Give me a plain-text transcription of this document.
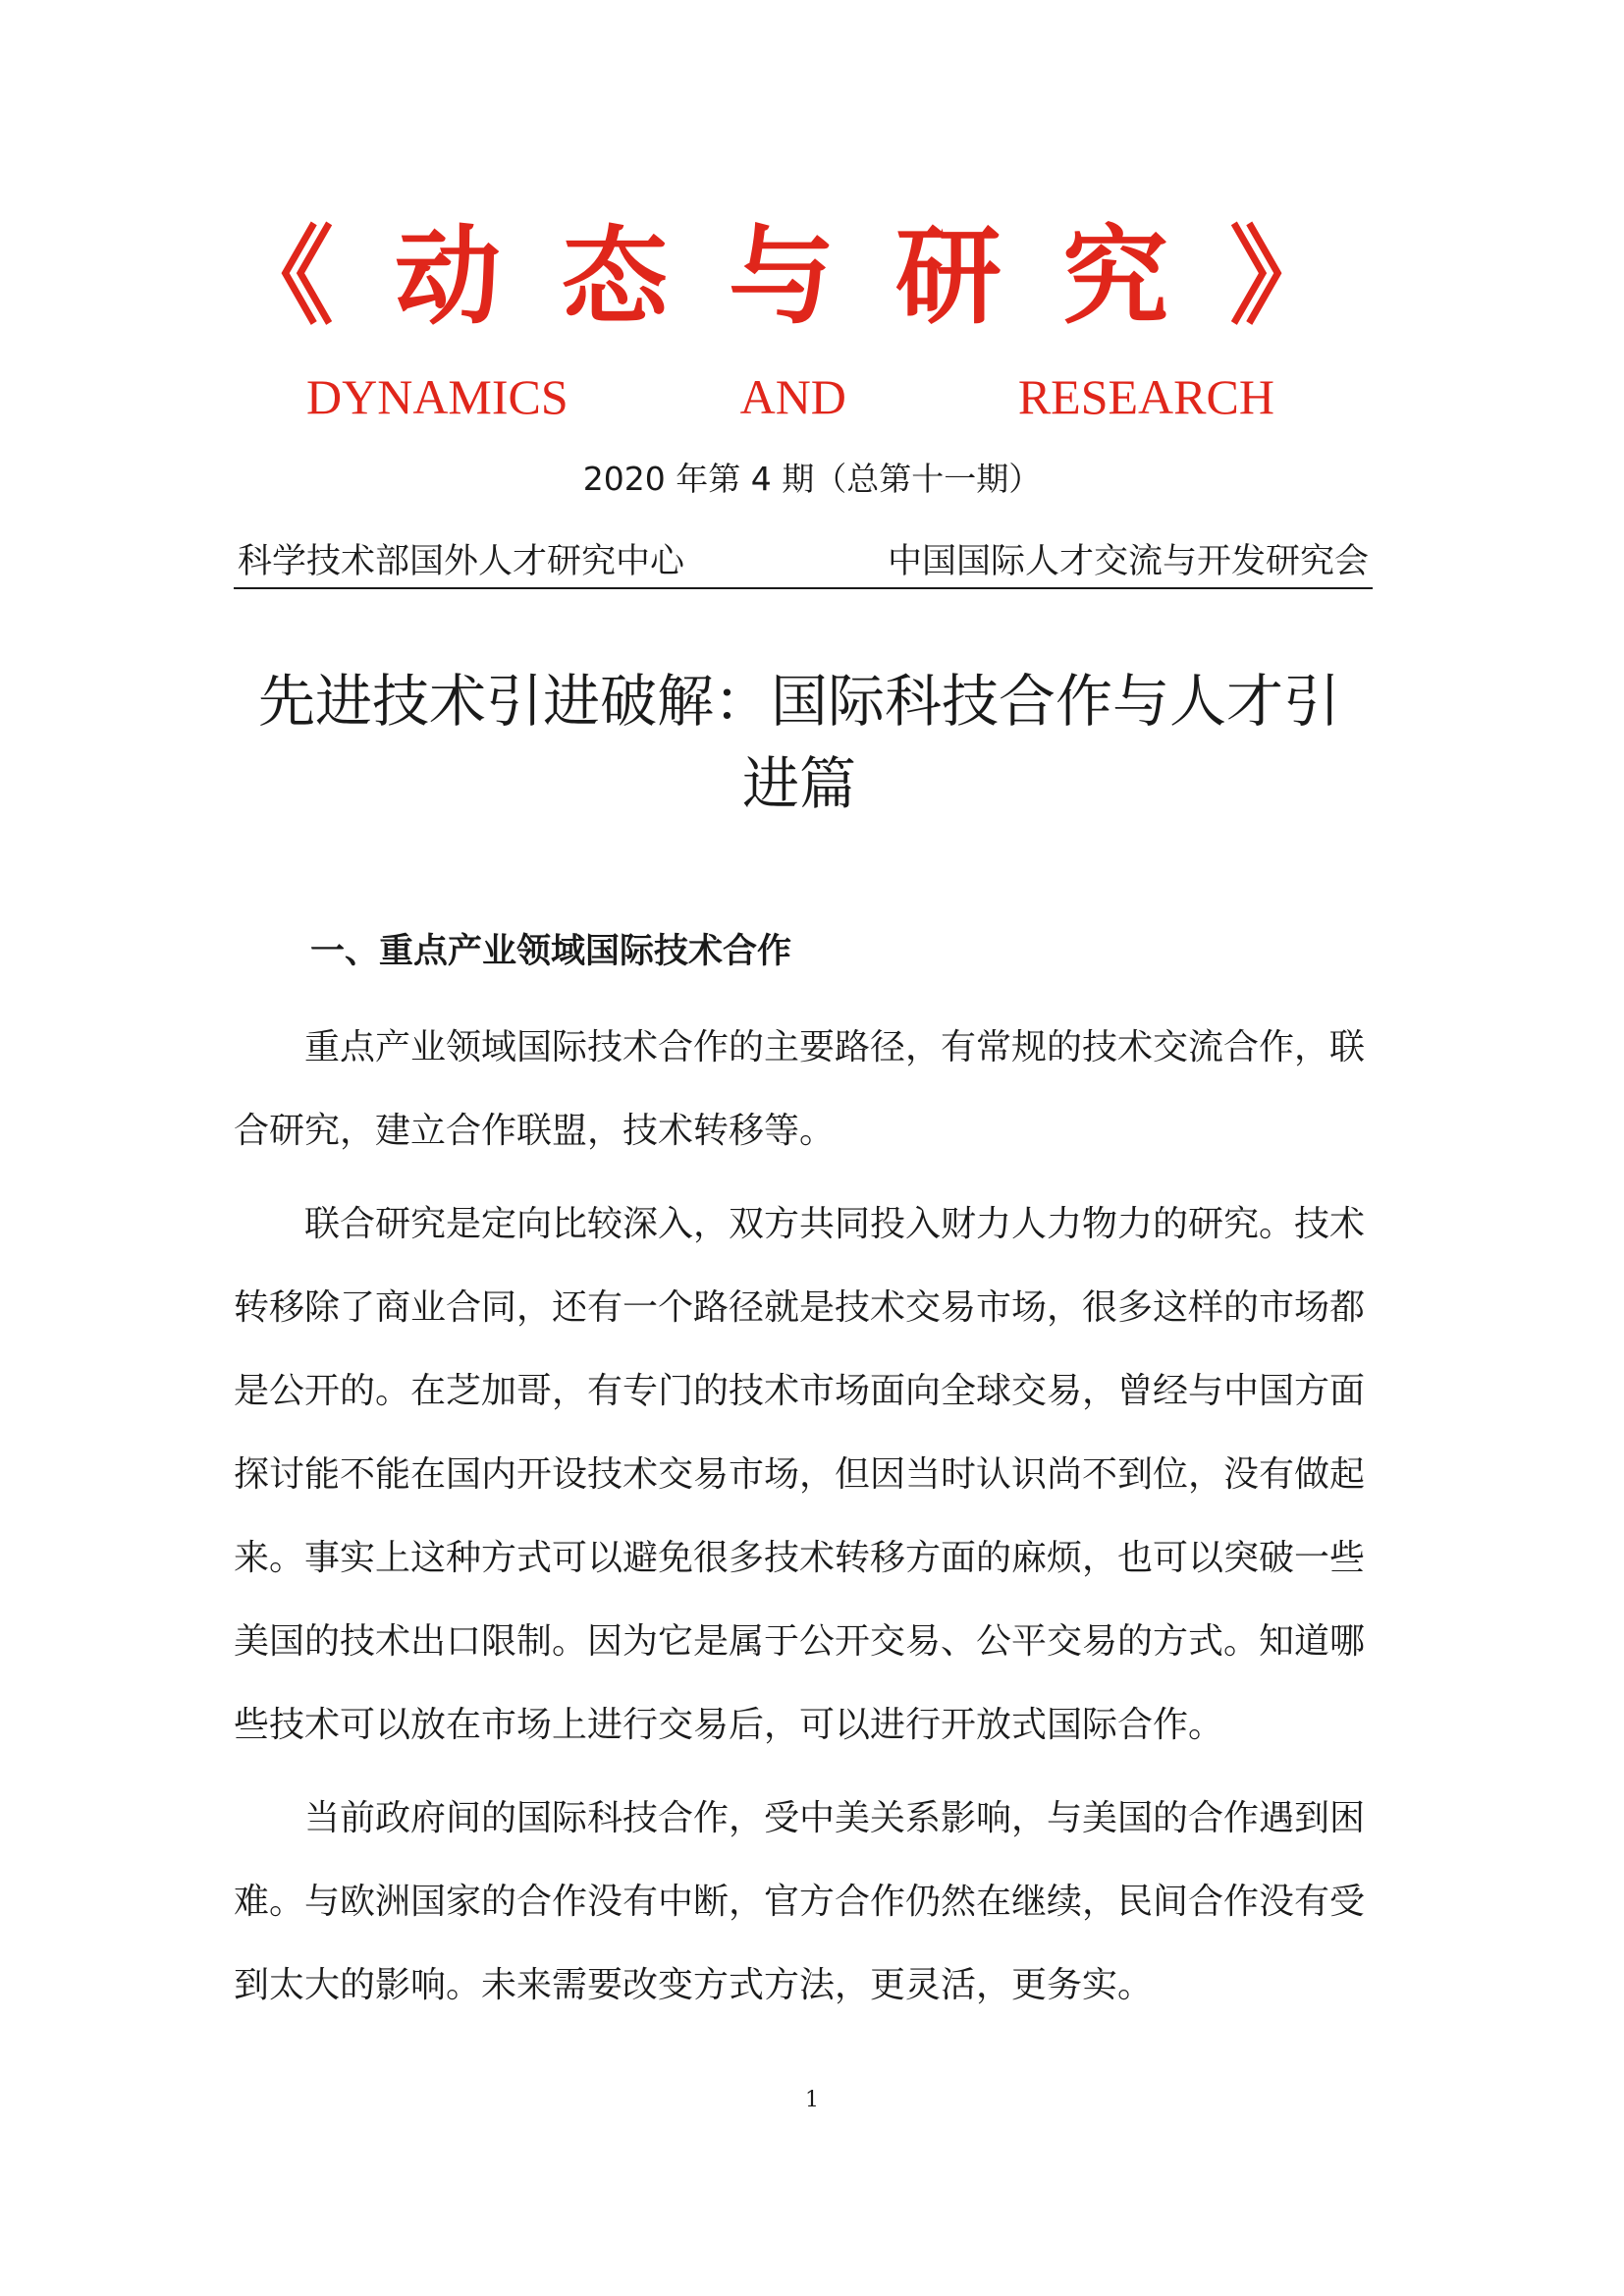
《动态与研究》
DYNAMICS	AND	RESEARCH
2020 年第 4 期（总第十一期）
科学技术部国外人才研究中心	中国国际人才交流与开发研究会
先进技术引进破解：国际科技合作与人才引进篇
一、重点产业领域国际技术合作

重点产业领域国际技术合作的主要路径，有常规的技术交流合作，联合研究，建立合作联盟，技术转移等。

联合研究是定向比较深入，双方共同投入财力人力物力的研究。技术转移除了商业合同，还有一个路径就是技术交易市场，很多这样的市场都是公开的。在芝加哥，有专门的技术市场面向全球交易，曾经与中国方面探讨能不能在国内开设技术交易市场，但因当时认识尚不到位，没有做起来。事实上这种方式可以避免很多技术转移方面的麻烦，也可以突破一些美国的技术出口限制。因为它是属于公开交易、公平交易的方式。知道哪些技术可以放在市场上进行交易后，可以进行开放式国际合作。

当前政府间的国际科技合作，受中美关系影响，与美国的合作遇到困难。与欧洲国家的合作没有中断，官方合作仍然在继续，民间合作没有受到太大的影响。未来需要改变方式方法，更灵活，更务实。

1
